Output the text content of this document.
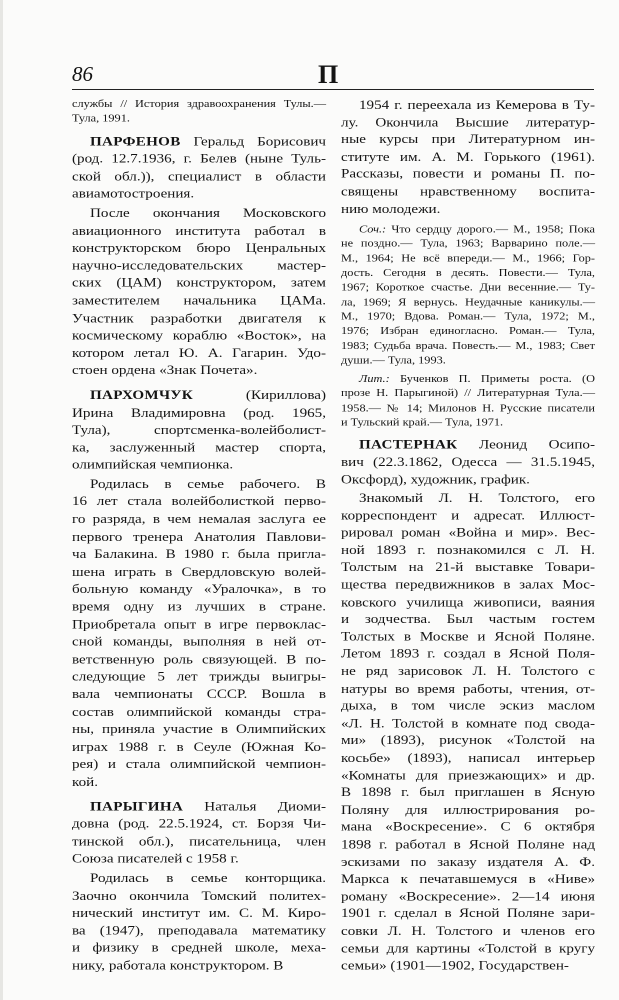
86	П

службы // История здравоохранения Тулы.—
Тула, 1991.

ПАРФЕНОВ Геральд Борисович
(род. 12.7.1936, г. Белев (ныне Туль-
ской обл.)), специалист в области
авиамотостроения.

После окончания Московского
авиационного института работал в
конструкторском бюро Ценральных
научно-исследовательских мастер-
ских (ЦАМ) конструктором, затем
заместителем начальника ЦАМа.
Участник разработки двигателя к
космическому кораблю «Восток», на
котором летал Ю. А. Гагарин. Удо-
стоен ордена «Знак Почета».

ПАРХОМЧУК (Кириллова)
Ирина Владимировна (род. 1965,
Тула), спортсменка-волейболист-
ка, заслуженный мастер спорта,
олимпийская чемпионка.

Родилась в семье рабочего. В
16 лет стала волейболисткой перво-
го разряда, в чем немалая заслуга ее
первого тренера Анатолия Павлови-
ча Балакина. В 1980 г. была пригла-
шена играть в Свердловскую волей-
больную команду «Уралочка», в то
время одну из лучших в стране.
Приобретала опыт в игре первоклас-
сной команды, выполняя в ней от-
ветственную роль связующей. В по-
следующие 5 лет трижды выигры-
вала чемпионаты СССР. Вошла в
состав олимпийской команды стра-
ны, приняла участие в Олимпийских
играх 1988 г. в Сеуле (Южная Ко-
рея) и стала олимпийской чемпион-
кой.

ПАРЫГИНА Наталья Диоми-
довна (род. 22.5.1924, ст. Борзя Чи-
тинской обл.), писательница, член
Союза писателей с 1958 г.

Родилась в семье конторщика.
Заочно окончила Томский политех-
нический институт им. С. М. Киро-
ва (1947), преподавала математику
и физику в средней школе, меха-
нику, работала конструктором. В

1954 г. переехала из Кемерова в Ту-
лу. Окончила Высшие литератур-
ные курсы при Литературном ин-
ституте им. А. М. Горького (1961).
Рассказы, повести и романы П. по-
священы нравственному воспита-
нию молодежи.

Соч.: Что сердцу дорого.— М., 1958; Пока
не поздно.— Тула, 1963; Варварино поле.—
М., 1964; Не всё впереди.— М., 1966; Гор-
дость. Сегодня в десять. Повести.— Тула,
1967; Короткое счастье. Дни весенние.— Ту-
ла, 1969; Я вернусь. Неудачные каникулы.—
М., 1970; Вдова. Роман.— Тула, 1972; М.,
1976; Избран единогласно. Роман.— Тула,
1983; Судьба врача. Повесть.— М., 1983; Свет
души.— Тула, 1993.

Лит.: Бученков П. Приметы роста. (О
прозе Н. Парыгиной) // Литературная Тула.—
1958.— № 14; Милонов Н. Русские писатели
и Тульский край.— Тула, 1971.

ПАСТЕРНАК Леонид Осипо-
вич (22.3.1862, Одесса — 31.5.1945,
Оксфорд), художник, график.

Знакомый Л. Н. Толстого, его
корреспондент и адресат. Иллюст-
рировал роман «Война и мир». Вес-
ной 1893 г. познакомился с Л. Н.
Толстым на 21-й выставке Товари-
щества передвижников в залах Мос-
ковского училища живописи, ваяния
и зодчества. Был частым гостем
Толстых в Москве и Ясной Поляне.
Летом 1893 г. создал в Ясной Поля-
не ряд зарисовок Л. Н. Толстого с
натуры во время работы, чтения, от-
дыха, в том числе эскиз маслом
«Л. Н. Толстой в комнате под свода-
ми» (1893), рисунок «Толстой на
косьбе» (1893), написал интерьер
«Комнаты для приезжающих» и др.
В 1898 г. был приглашен в Ясную
Поляну для иллюстрирования ро-
мана «Воскресение». С 6 октября
1898 г. работал в Ясной Поляне над
эскизами по заказу издателя А. Ф.
Маркса к печатавшемуся в «Ниве»
роману «Воскресение». 2—14 июня
1901 г. сделал в Ясной Поляне зари-
совки Л. Н. Толстого и членов его
семьи для картины «Толстой в кругу
семьи» (1901—1902, Государствен-
